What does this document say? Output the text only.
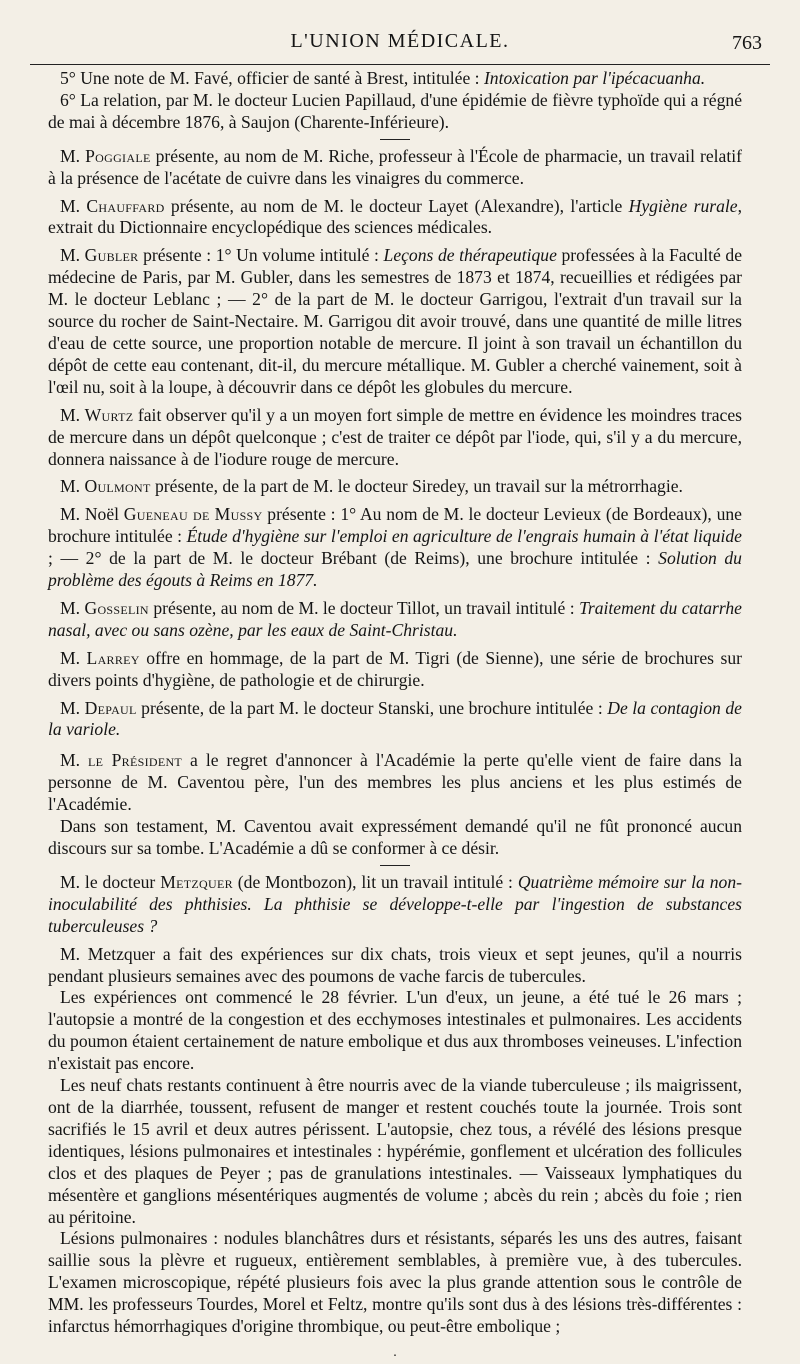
L'UNION MÉDICALE.	763

5° Une note de M. Favé, officier de santé à Brest, intitulée : Intoxication par l'ipécacuanha.

6° La relation, par M. le docteur Lucien Papillaud, d'une épidémie de fièvre typhoïde qui a régné de mai à décembre 1876, à Saujon (Charente-Inférieure).

M. Poggiale présente, au nom de M. Riche, professeur à l'École de pharmacie, un travail relatif à la présence de l'acétate de cuivre dans les vinaigres du commerce.

M. Chauffard présente, au nom de M. le docteur Layet (Alexandre), l'article Hygiène rurale, extrait du Dictionnaire encyclopédique des sciences médicales.

M. Gubler présente : 1° Un volume intitulé : Leçons de thérapeutique professées à la Faculté de médecine de Paris, par M. Gubler, dans les semestres de 1873 et 1874, recueillies et rédigées par M. le docteur Leblanc ; — 2° de la part de M. le docteur Garrigou, l'extrait d'un travail sur la source du rocher de Saint-Nectaire. M. Garrigou dit avoir trouvé, dans une quantité de mille litres d'eau de cette source, une proportion notable de mercure. Il joint à son travail un échantillon du dépôt de cette eau contenant, dit-il, du mercure métallique. M. Gubler a cherché vainement, soit à l'œil nu, soit à la loupe, à découvrir dans ce dépôt les globules du mercure.

M. Wurtz fait observer qu'il y a un moyen fort simple de mettre en évidence les moindres traces de mercure dans un dépôt quelconque ; c'est de traiter ce dépôt par l'iode, qui, s'il y a du mercure, donnera naissance à de l'iodure rouge de mercure.

M. Oulmont présente, de la part de M. le docteur Siredey, un travail sur la métrorrhagie.

M. Noël Gueneau de Mussy présente : 1° Au nom de M. le docteur Levieux (de Bordeaux), une brochure intitulée : Étude d'hygiène sur l'emploi en agriculture de l'engrais humain à l'état liquide ; — 2° de la part de M. le docteur Brébant (de Reims), une brochure intitulée : Solution du problème des égouts à Reims en 1877.

M. Gosselin présente, au nom de M. le docteur Tillot, un travail intitulé : Traitement du catarrhe nasal, avec ou sans ozène, par les eaux de Saint-Christau.

M. Larrey offre en hommage, de la part de M. Tigri (de Sienne), une série de brochures sur divers points d'hygiène, de pathologie et de chirurgie.

M. Depaul présente, de la part M. le docteur Stanski, une brochure intitulée : De la contagion de la variole.

M. le Président a le regret d'annoncer à l'Académie la perte qu'elle vient de faire dans la personne de M. Caventou père, l'un des membres les plus anciens et les plus estimés de l'Académie.

Dans son testament, M. Caventou avait expressément demandé qu'il ne fût prononcé aucun discours sur sa tombe. L'Académie a dû se conformer à ce désir.

M. le docteur Metzquer (de Montbozon), lit un travail intitulé : Quatrième mémoire sur la non-inoculabilité des phthisies. La phthisie se développe-t-elle par l'ingestion de substances tuberculeuses ?

M. Metzquer a fait des expériences sur dix chats, trois vieux et sept jeunes, qu'il a nourris pendant plusieurs semaines avec des poumons de vache farcis de tubercules.

Les expériences ont commencé le 28 février. L'un d'eux, un jeune, a été tué le 26 mars ; l'autopsie a montré de la congestion et des ecchymoses intestinales et pulmonaires. Les accidents du poumon étaient certainement de nature embolique et dus aux thromboses veineuses. L'infection n'existait pas encore.

Les neuf chats restants continuent à être nourris avec de la viande tuberculeuse ; ils maigrissent, ont de la diarrhée, toussent, refusent de manger et restent couchés toute la journée. Trois sont sacrifiés le 15 avril et deux autres périssent. L'autopsie, chez tous, a révélé des lésions presque identiques, lésions pulmonaires et intestinales : hypérémie, gonflement et ulcération des follicules clos et des plaques de Peyer ; pas de granulations intestinales. — Vaisseaux lymphatiques du mésentère et ganglions mésentériques augmentés de volume ; abcès du rein ; abcès du foie ; rien au péritoine.

Lésions pulmonaires : nodules blanchâtres durs et résistants, séparés les uns des autres, faisant saillie sous la plèvre et rugueux, entièrement semblables, à première vue, à des tubercules. L'examen microscopique, répété plusieurs fois avec la plus grande attention sous le contrôle de MM. les professeurs Tourdes, Morel et Feltz, montre qu'ils sont dus à des lésions très-différentes : infarctus hémorrhagiques d'origine thrombique, ou peut-être embolique ;

.
